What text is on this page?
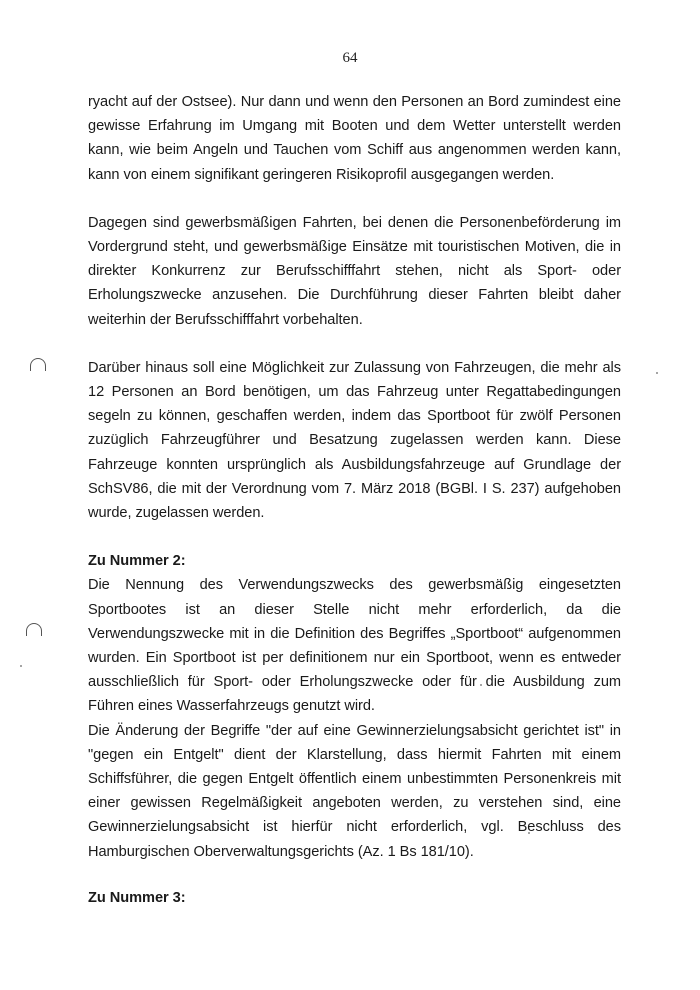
64

ryacht auf der Ostsee). Nur dann und wenn den Personen an Bord zumindest eine gewisse Erfahrung im Umgang mit Booten und dem Wetter unterstellt werden kann, wie beim Angeln und Tauchen vom Schiff aus angenommen werden kann, kann von einem signifikant geringeren Risikoprofil ausgegangen werden.

Dagegen sind gewerbsmäßigen Fahrten, bei denen die Personenbeförderung im Vordergrund steht, und gewerbsmäßige Einsätze mit touristischen Motiven, die in direkter Konkurrenz zur Berufsschifffahrt stehen, nicht als Sport- oder Erholungszwecke anzusehen. Die Durchführung dieser Fahrten bleibt daher weiterhin der Berufsschifffahrt vorbehalten.

Darüber hinaus soll eine Möglichkeit zur Zulassung von Fahrzeugen, die mehr als 12 Personen an Bord benötigen, um das Fahrzeug unter Regattabedingungen segeln zu können, geschaffen werden, indem das Sportboot für zwölf Personen zuzüglich Fahrzeugführer und Besatzung zugelassen werden kann. Diese Fahrzeuge konnten ursprünglich als Ausbildungsfahrzeuge auf Grundlage der SchSV86, die mit der Verordnung vom 7. März 2018 (BGBl. I S. 237) aufgehoben wurde, zugelassen werden.

Zu Nummer 2:

Die Nennung des Verwendungszwecks des gewerbsmäßig eingesetzten Sportbootes ist an dieser Stelle nicht mehr erforderlich, da die Verwendungszwecke mit in die Definition des Begriffes „Sportboot“ aufgenommen wurden. Ein Sportboot ist per definitionem nur ein Sportboot, wenn es entweder ausschließlich für Sport- oder Erholungszwecke oder für die Ausbildung zum Führen eines Wasserfahrzeugs genutzt wird.

Die Änderung der Begriffe "der auf eine Gewinnerzielungsabsicht gerichtet ist" in "gegen ein Entgelt" dient der Klarstellung, dass hiermit Fahrten mit einem Schiffsführer, die gegen Entgelt öffentlich einem unbestimmten Personenkreis mit einer gewissen Regelmäßigkeit angeboten werden, zu verstehen sind, eine Gewinnerzielungsabsicht ist hierfür nicht erforderlich, vgl. Beschluss des Hamburgischen Oberverwaltungsgerichts (Az. 1 Bs 181/10).

Zu Nummer 3:
